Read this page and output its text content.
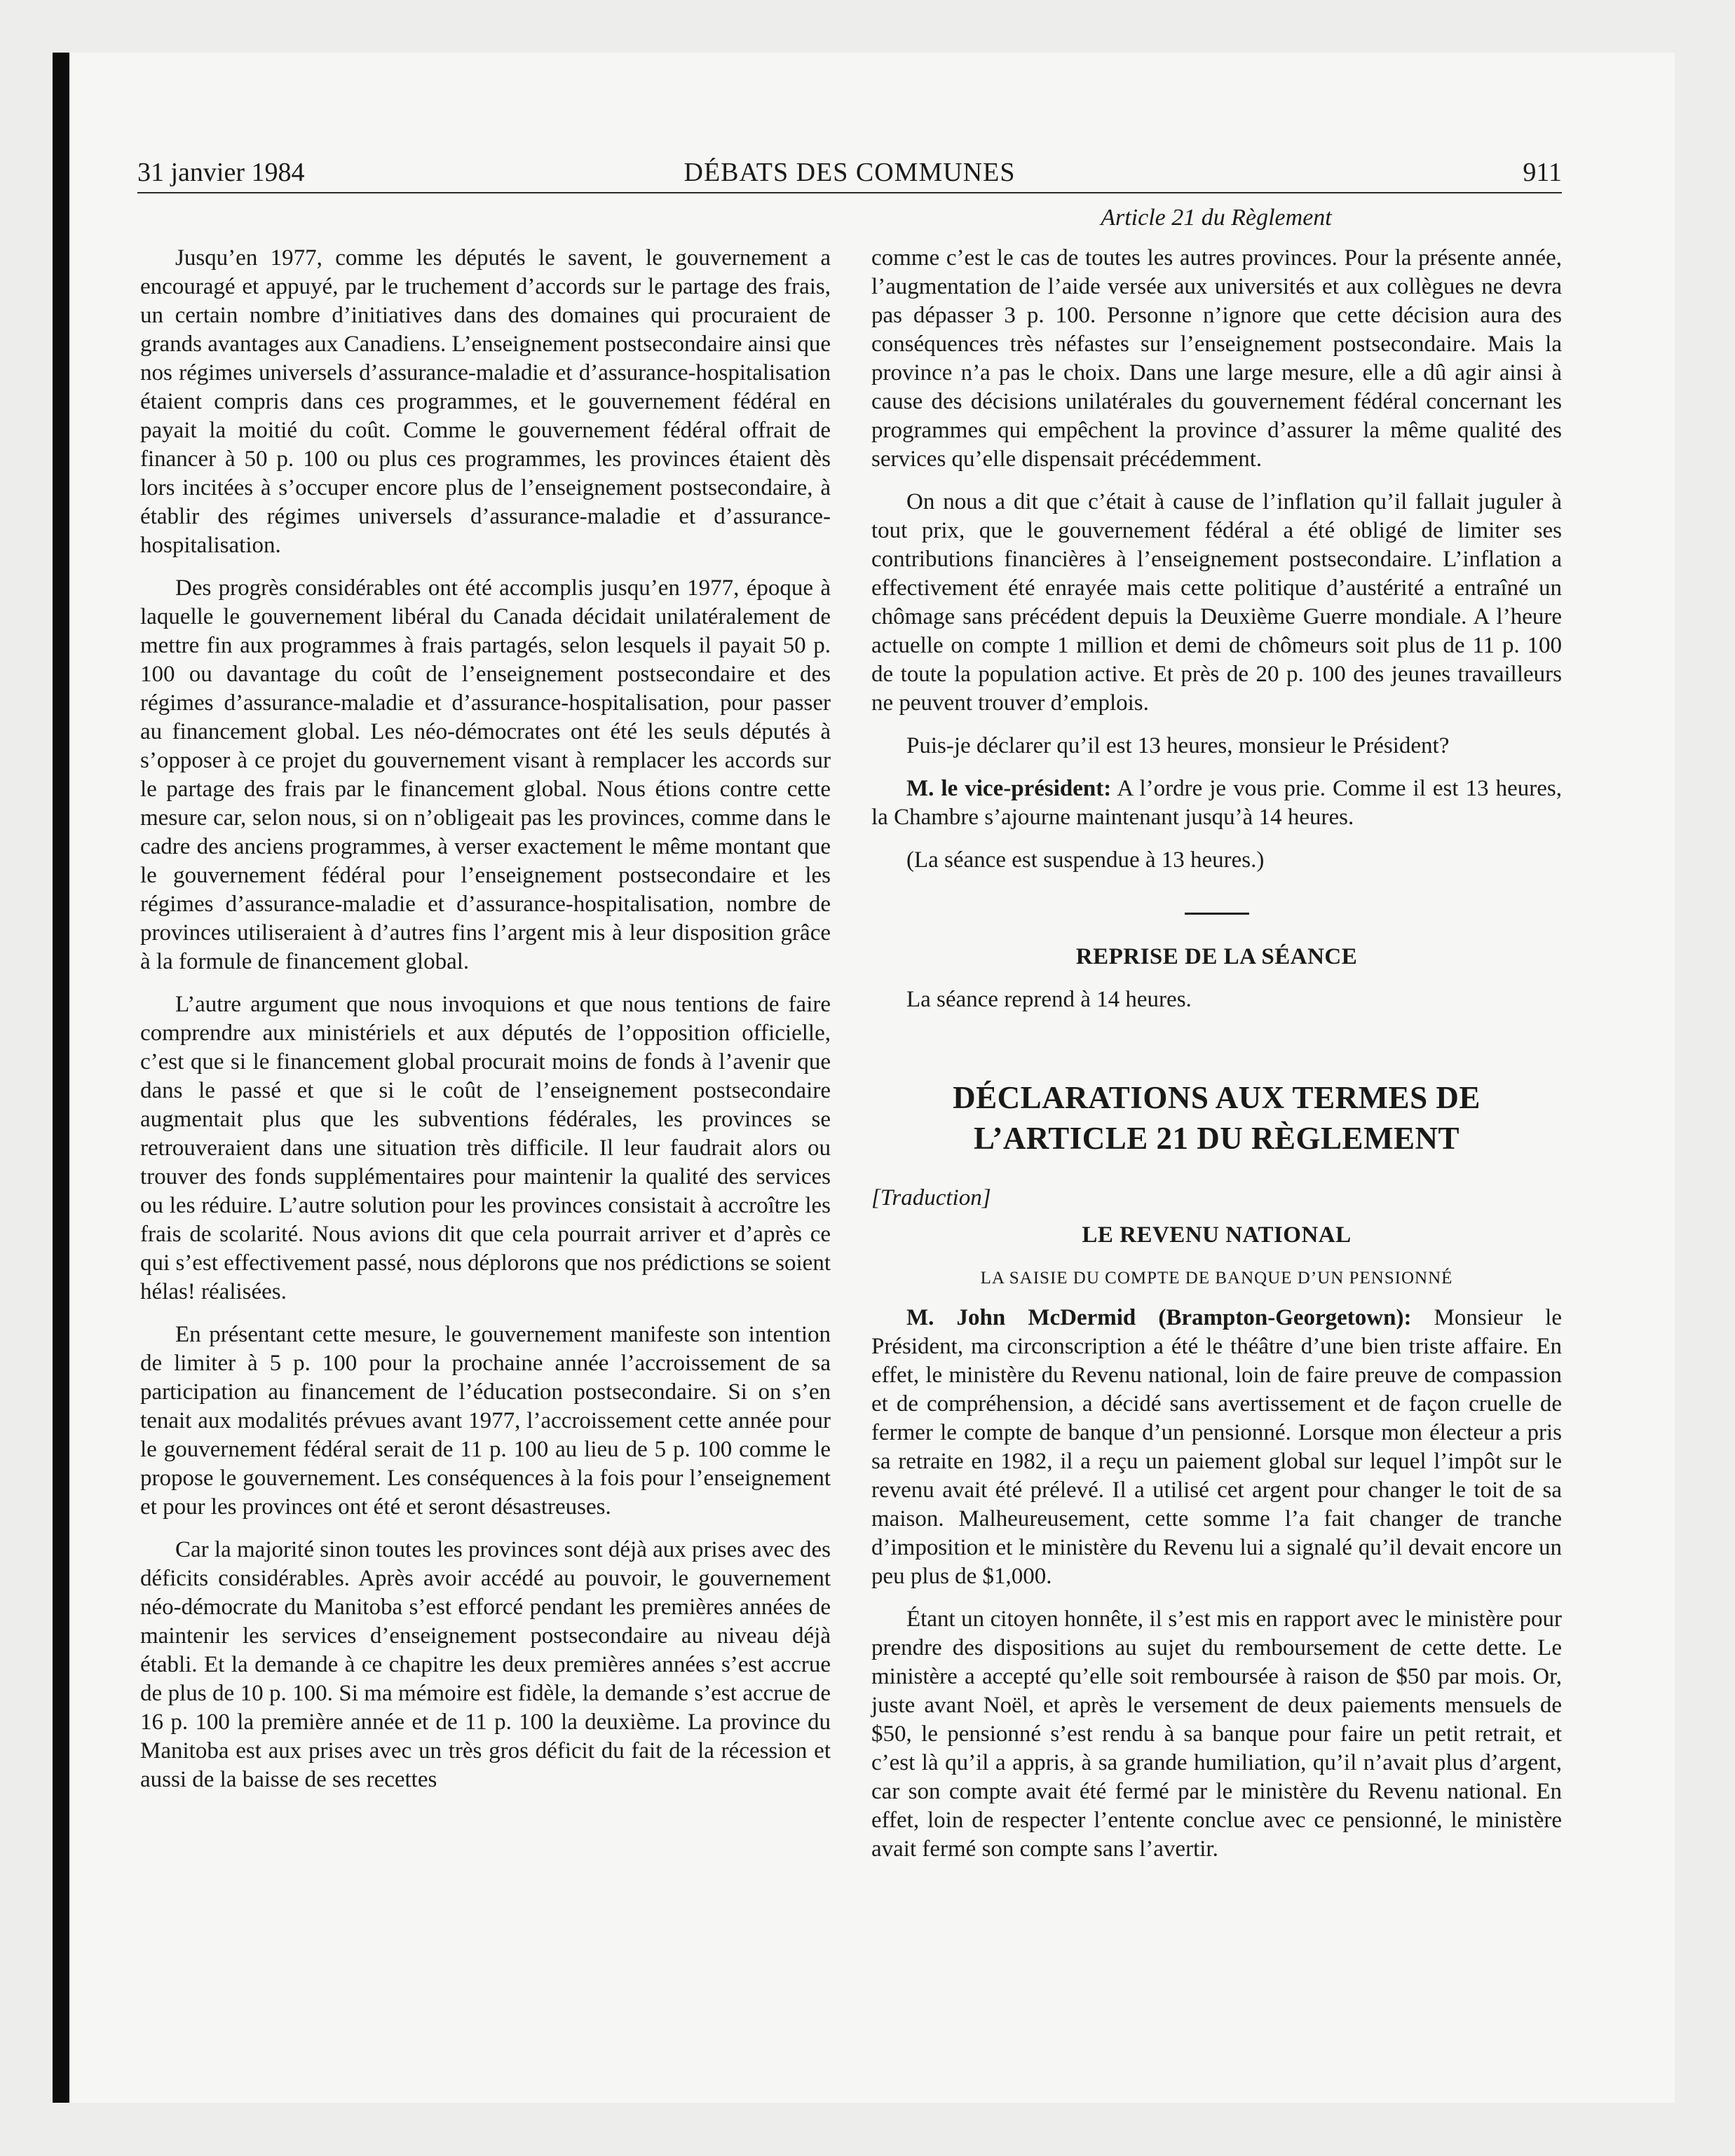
31 janvier 1984	DÉBATS DES COMMUNES	911
Article 21 du Règlement

Jusqu’en 1977, comme les députés le savent, le gouvernement a encouragé et appuyé, par le truchement d’accords sur le partage des frais, un certain nombre d’initiatives dans des domaines qui procuraient de grands avantages aux Canadiens. L’enseignement postsecondaire ainsi que nos régimes universels d’assurance-maladie et d’assurance-hospitalisation étaient compris dans ces programmes, et le gouvernement fédéral en payait la moitié du coût. Comme le gouvernement fédéral offrait de financer à 50 p. 100 ou plus ces programmes, les provinces étaient dès lors incitées à s’occuper encore plus de l’enseignement postsecondaire, à établir des régimes universels d’assurance-maladie et d’assurance-hospitalisation.

Des progrès considérables ont été accomplis jusqu’en 1977, époque à laquelle le gouvernement libéral du Canada décidait unilatéralement de mettre fin aux programmes à frais partagés, selon lesquels il payait 50 p. 100 ou davantage du coût de l’enseignement postsecondaire et des régimes d’assurance-maladie et d’assurance-hospitalisation, pour passer au financement global. Les néo-démocrates ont été les seuls députés à s’opposer à ce projet du gouvernement visant à remplacer les accords sur le partage des frais par le financement global. Nous étions contre cette mesure car, selon nous, si on n’obligeait pas les provinces, comme dans le cadre des anciens programmes, à verser exactement le même montant que le gouvernement fédéral pour l’enseignement postsecondaire et les régimes d’assurance-maladie et d’assurance-hospitalisation, nombre de provinces utiliseraient à d’autres fins l’argent mis à leur disposition grâce à la formule de financement global.

L’autre argument que nous invoquions et que nous tentions de faire comprendre aux ministériels et aux députés de l’opposition officielle, c’est que si le financement global procurait moins de fonds à l’avenir que dans le passé et que si le coût de l’enseignement postsecondaire augmentait plus que les subventions fédérales, les provinces se retrouveraient dans une situation très difficile. Il leur faudrait alors ou trouver des fonds supplémentaires pour maintenir la qualité des services ou les réduire. L’autre solution pour les provinces consistait à accroître les frais de scolarité. Nous avions dit que cela pourrait arriver et d’après ce qui s’est effectivement passé, nous déplorons que nos prédictions se soient hélas! réalisées.

En présentant cette mesure, le gouvernement manifeste son intention de limiter à 5 p. 100 pour la prochaine année l’accroissement de sa participation au financement de l’éducation postsecondaire. Si on s’en tenait aux modalités prévues avant 1977, l’accroissement cette année pour le gouvernement fédéral serait de 11 p. 100 au lieu de 5 p. 100 comme le propose le gouvernement. Les conséquences à la fois pour l’enseignement et pour les provinces ont été et seront désastreuses.

Car la majorité sinon toutes les provinces sont déjà aux prises avec des déficits considérables. Après avoir accédé au pouvoir, le gouvernement néo-démocrate du Manitoba s’est efforcé pendant les premières années de maintenir les services d’enseignement postsecondaire au niveau déjà établi. Et la demande à ce chapitre les deux premières années s’est accrue de plus de 10 p. 100. Si ma mémoire est fidèle, la demande s’est accrue de 16 p. 100 la première année et de 11 p. 100 la deuxième. La province du Manitoba est aux prises avec un très gros déficit du fait de la récession et aussi de la baisse de ses recettes

comme c’est le cas de toutes les autres provinces. Pour la présente année, l’augmentation de l’aide versée aux universités et aux collègues ne devra pas dépasser 3 p. 100. Personne n’ignore que cette décision aura des conséquences très néfastes sur l’enseignement postsecondaire. Mais la province n’a pas le choix. Dans une large mesure, elle a dû agir ainsi à cause des décisions unilatérales du gouvernement fédéral concernant les programmes qui empêchent la province d’assurer la même qualité des services qu’elle dispensait précédemment.

On nous a dit que c’était à cause de l’inflation qu’il fallait juguler à tout prix, que le gouvernement fédéral a été obligé de limiter ses contributions financières à l’enseignement postsecondaire. L’inflation a effectivement été enrayée mais cette politique d’austérité a entraîné un chômage sans précédent depuis la Deuxième Guerre mondiale. A l’heure actuelle on compte 1 million et demi de chômeurs soit plus de 11 p. 100 de toute la population active. Et près de 20 p. 100 des jeunes travailleurs ne peuvent trouver d’emplois.

Puis-je déclarer qu’il est 13 heures, monsieur le Président?

M. le vice-président: A l’ordre je vous prie. Comme il est 13 heures, la Chambre s’ajourne maintenant jusqu’à 14 heures.

(La séance est suspendue à 13 heures.)

REPRISE DE LA SÉANCE

La séance reprend à 14 heures.

DÉCLARATIONS AUX TERMES DE
L’ARTICLE 21 DU RÈGLEMENT
[Traduction]
LE REVENU NATIONAL
LA SAISIE DU COMPTE DE BANQUE D’UN PENSIONNÉ

M. John McDermid (Brampton-Georgetown): Monsieur le Président, ma circonscription a été le théâtre d’une bien triste affaire. En effet, le ministère du Revenu national, loin de faire preuve de compassion et de compréhension, a décidé sans avertissement et de façon cruelle de fermer le compte de banque d’un pensionné. Lorsque mon électeur a pris sa retraite en 1982, il a reçu un paiement global sur lequel l’impôt sur le revenu avait été prélevé. Il a utilisé cet argent pour changer le toit de sa maison. Malheureusement, cette somme l’a fait changer de tranche d’imposition et le ministère du Revenu lui a signalé qu’il devait encore un peu plus de $1,000.

Étant un citoyen honnête, il s’est mis en rapport avec le ministère pour prendre des dispositions au sujet du remboursement de cette dette. Le ministère a accepté qu’elle soit remboursée à raison de $50 par mois. Or, juste avant Noël, et après le versement de deux paiements mensuels de $50, le pensionné s’est rendu à sa banque pour faire un petit retrait, et c’est là qu’il a appris, à sa grande humiliation, qu’il n’avait plus d’argent, car son compte avait été fermé par le ministère du Revenu national. En effet, loin de respecter l’entente conclue avec ce pensionné, le ministère avait fermé son compte sans l’avertir.
